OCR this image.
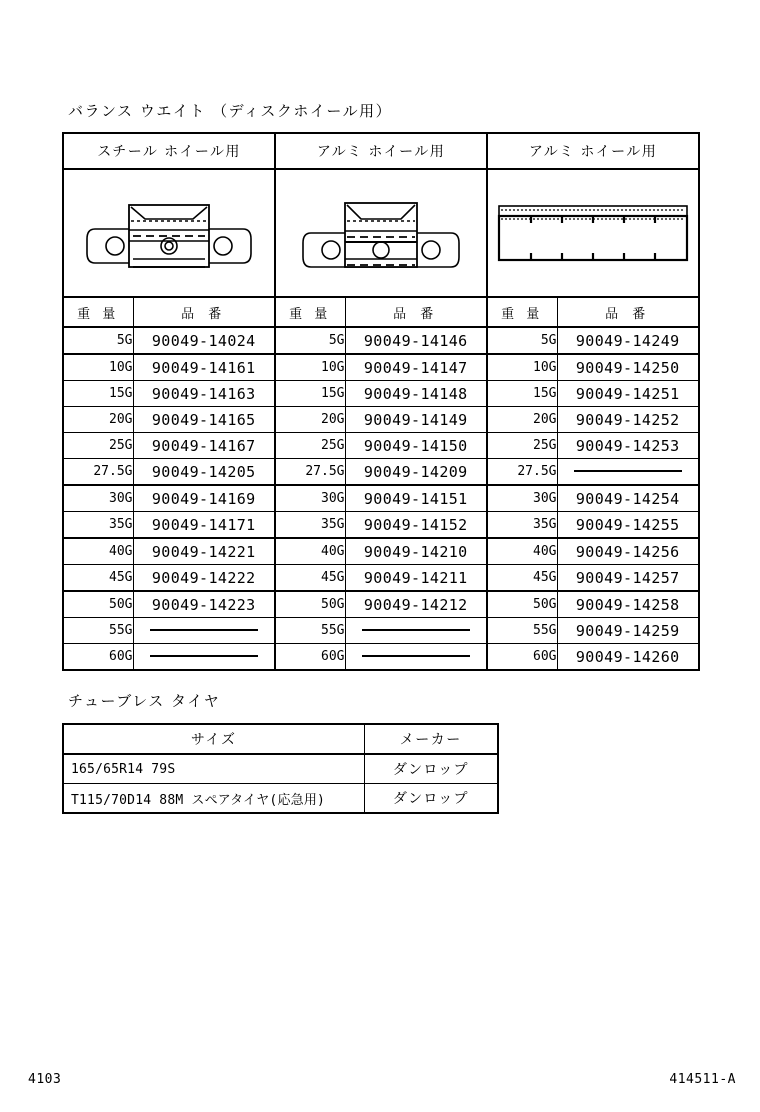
バランス ウエイト （ディスクホイール用）
スチール ホイール用		アルミ ホイール用		アルミ ホイール用	

重 量	品 番	重 量	品 番	重 量	品 番
5G	90049-14024	5G	90049-14146	5G	90049-14249
10G	90049-14161	10G	90049-14147	10G	90049-14250
15G	90049-14163	15G	90049-14148	15G	90049-14251
20G	90049-14165	20G	90049-14149	20G	90049-14252
25G	90049-14167	25G	90049-14150	25G	90049-14253
27.5G	90049-14205	27.5G	90049-14209	27.5G	
30G	90049-14169	30G	90049-14151	30G	90049-14254
35G	90049-14171	35G	90049-14152	35G	90049-14255
40G	90049-14221	40G	90049-14210	40G	90049-14256
45G	90049-14222	45G	90049-14211	45G	90049-14257
50G	90049-14223	50G	90049-14212	50G	90049-14258
55G		55G		55G	90049-14259
60G		60G		60G	90049-14260
チューブレス タイヤ
サイズ	メーカー
165/65R14 79S	ダンロップ
T115/70D14 88M スペアタイヤ(応急用)	ダンロップ
4103	414511-A
